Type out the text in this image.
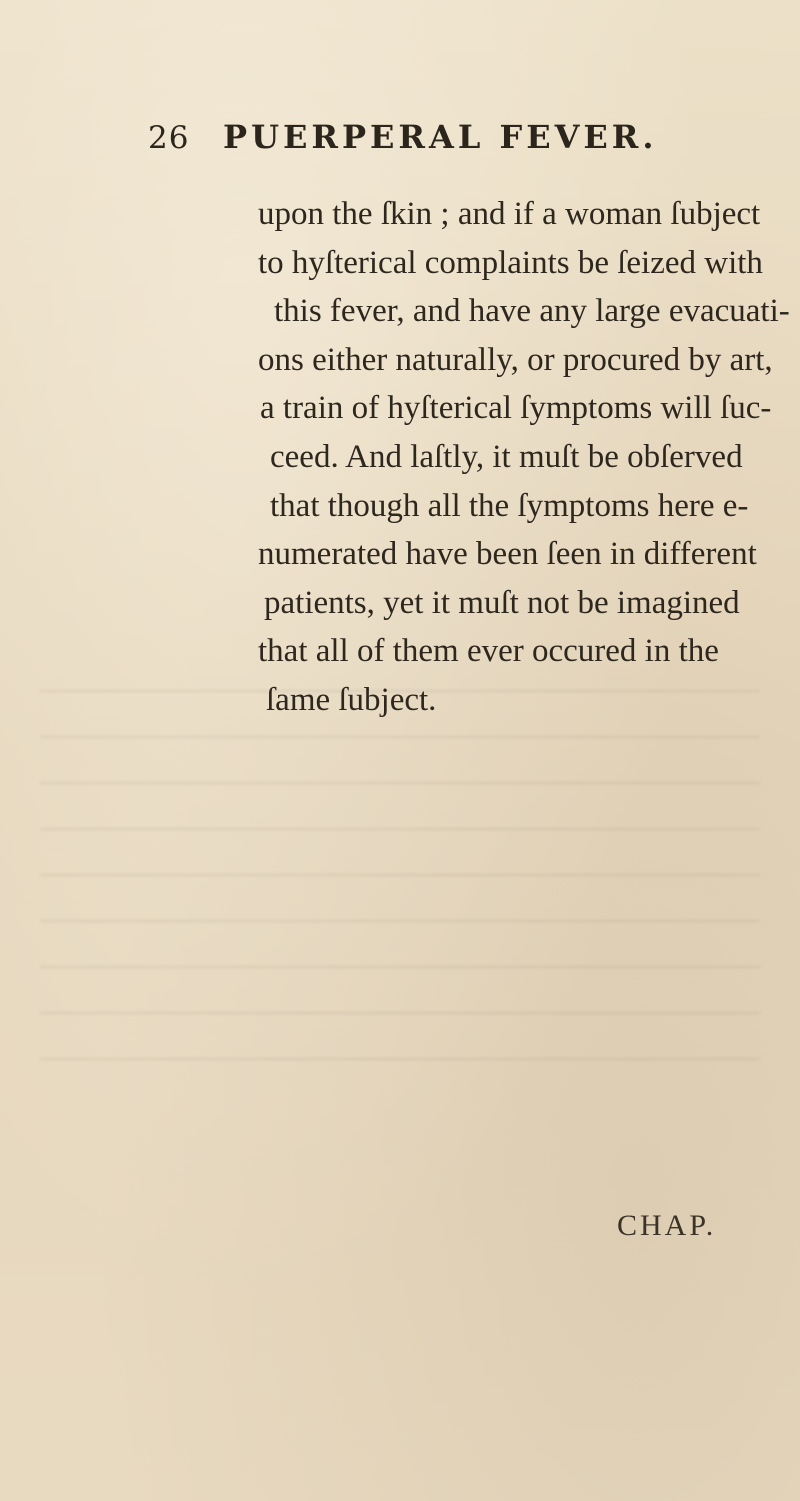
26	PUERPERAL FEVER.
upon the ſkin ; and if a woman ſubject
to hyſterical complaints be ſeized with
this fever, and have any large evacuati-
ons either naturally, or procured by art,
a train of hyſterical ſymptoms will ſuc-
ceed. And laſtly, it muſt be obſerved
that though all the ſymptoms here e-
numerated have been ſeen in different
patients, yet it muſt not be imagined
that all of them ever occured in the
ſame ſubject.
CHAP.
